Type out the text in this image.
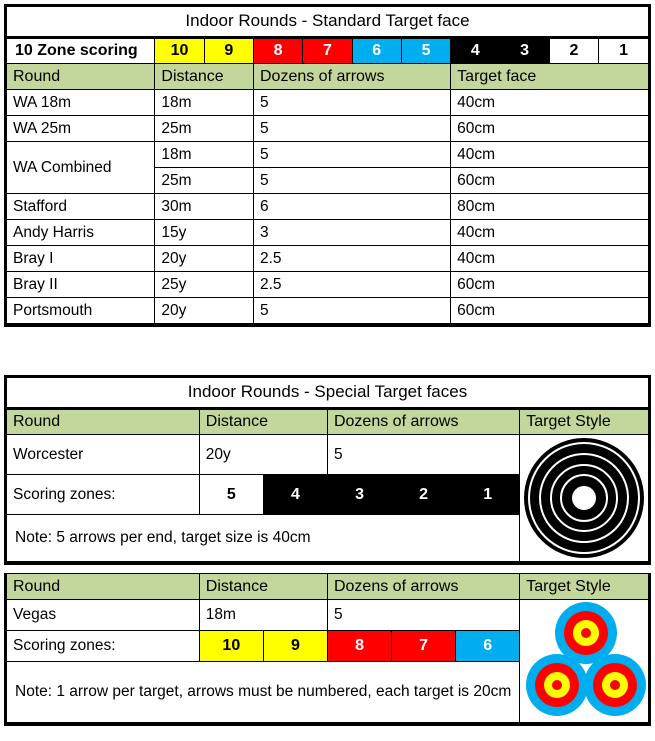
Indoor Rounds - Standard Target face										
10 Zone scoring	10	9	8	7	6	5	4	3	2	1
Round	Distance		Dozens of arrows				Target face			
WA 18m	18m		5				40cm			
WA 25m	25m		5				60cm			
WA Combined	18m		5				40cm			
	25m		5				60cm			
Stafford	30m		6				80cm			
Andy Harris	15y		3				40cm			
Bray I	20y		2.5				40cm			
Bray II	25y		2.5				60cm			
Portsmouth	20y		5				60cm			
Indoor Rounds - Special Target faces						
Round	Distance		Dozens of arrows			Target Style
Worcester	20y		5			

Scoring zones:	5	4	3	2	1	
Note: 5 arrows per end, target size is 40cm						
Round	Distance		Dozens of arrows			Target Style
Vegas	18m		5			

Scoring zones:	10	9	8	7	6	
Note: 1 arrow per target, arrows must be numbered, each target is 20cm						
